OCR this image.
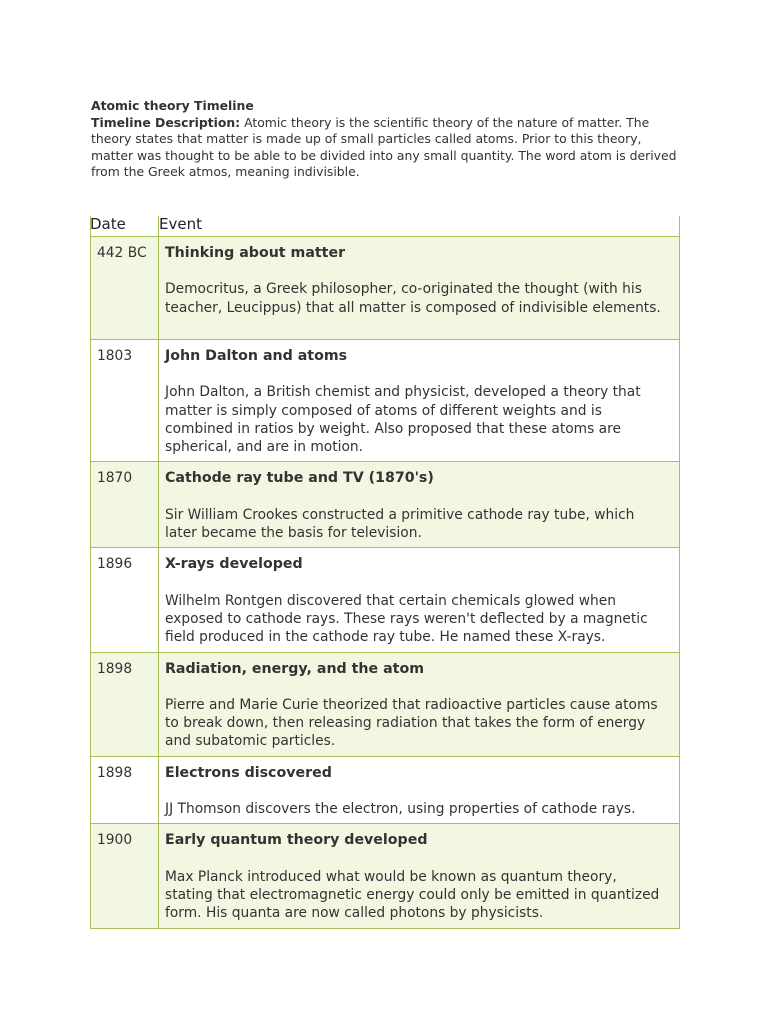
Atomic theory Timeline

Timeline Description: Atomic theory is the scientific theory of the nature of matter. The theory states that matter is made up of small particles called atoms. Prior to this theory, matter was thought to be able to be divided into any small quantity. The word atom is derived from the Greek atmos, meaning indivisible.

Date Event
442 BC	Thinking about matter

Democritus, a Greek philosopher, co-originated the thought (with his teacher, Leucippus) that all matter is composed of indivisible elements.

1803	John Dalton and atoms

John Dalton, a British chemist and physicist, developed a theory that matter is simply composed of atoms of different weights and is combined in ratios by weight. Also proposed that these atoms are spherical, and are in motion.

1870	Cathode ray tube and TV (1870's)

Sir William Crookes constructed a primitive cathode ray tube, which later became the basis for television.

1896	X-rays developed

Wilhelm Rontgen discovered that certain chemicals glowed when exposed to cathode rays. These rays weren't deflected by a magnetic field produced in the cathode ray tube. He named these X-rays.

1898	Radiation, energy, and the atom

Pierre and Marie Curie theorized that radioactive particles cause atoms to break down, then releasing radiation that takes the form of energy and subatomic particles.

1898	Electrons discovered

JJ Thomson discovers the electron, using properties of cathode rays.

1900	Early quantum theory developed

Max Planck introduced what would be known as quantum theory, stating that electromagnetic energy could only be emitted in quantized form. His quanta are now called photons by physicists.
